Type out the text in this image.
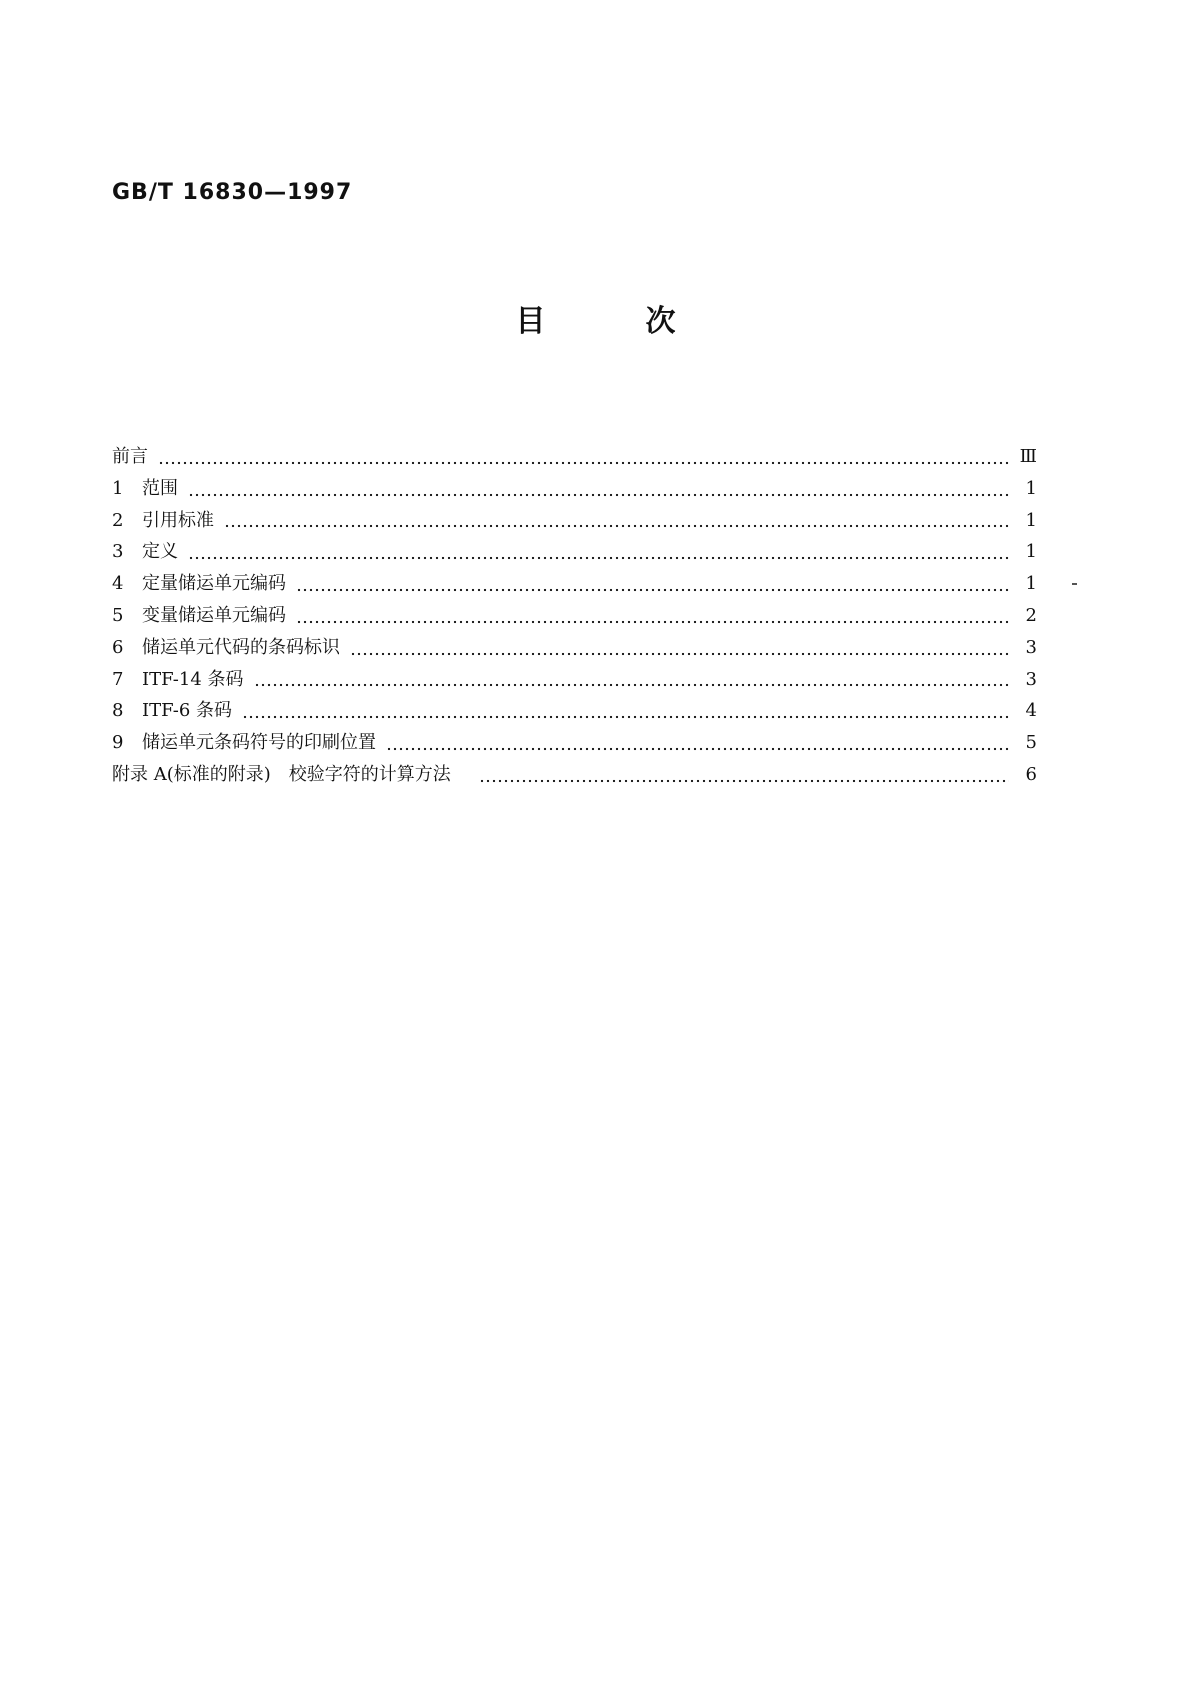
GB/T 16830—1997
目	次
前言	Ⅲ
1	范围	1
2	引用标准	1
3	定义	1
4	定量储运单元编码	1
5	变量储运单元编码	2
6	储运单元代码的条码标识	3
7	ITF-14 条码	3
8	ITF-6 条码	4
9	储运单元条码符号的印刷位置	5
附录 A(标准的附录)　校验字符的计算方法	6
